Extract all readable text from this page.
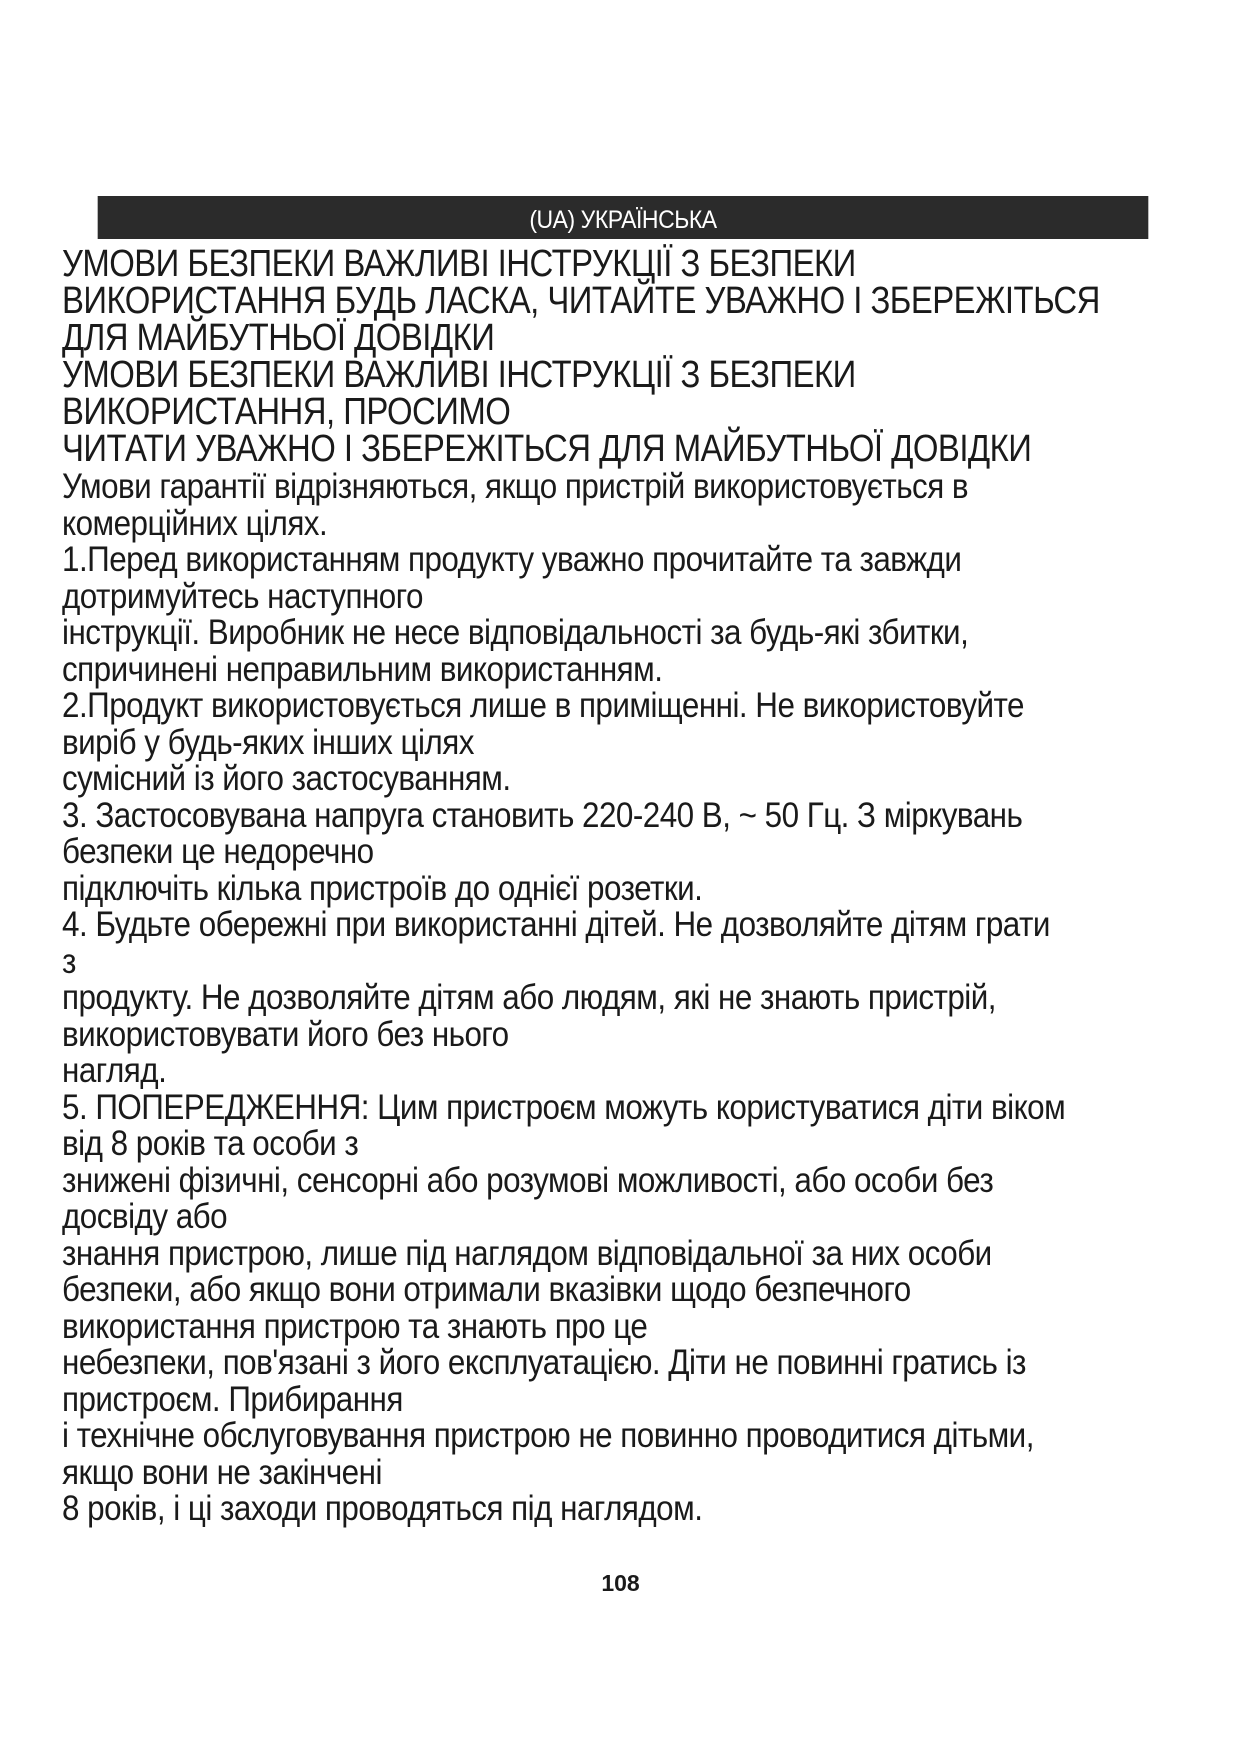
(UA) УКРАЇНСЬКА
УМОВИ БЕЗПЕКИ ВАЖЛИВІ ІНСТРУКЦІЇ З БЕЗПЕКИ
ВИКОРИСТАННЯ БУДЬ ЛАСКА, ЧИТАЙТЕ УВАЖНО І ЗБЕРЕЖІТЬСЯ
ДЛЯ МАЙБУТНЬОЇ ДОВІДКИ
УМОВИ БЕЗПЕКИ ВАЖЛИВІ ІНСТРУКЦІЇ З БЕЗПЕКИ
ВИКОРИСТАННЯ, ПРОСИМО
ЧИТАТИ УВАЖНО І ЗБЕРЕЖІТЬСЯ ДЛЯ МАЙБУТНЬОЇ ДОВІДКИ
Умови гарантії відрізняються, якщо пристрій використовується в
комерційних цілях.
1.Перед використанням продукту уважно прочитайте та завжди
дотримуйтесь наступного
інструкції. Виробник не несе відповідальності за будь-які збитки,
спричинені неправильним використанням.
2.Продукт використовується лише в приміщенні. Не використовуйте
виріб у будь-яких інших цілях
сумісний із його застосуванням.
3. Застосовувана напруга становить 220-240 В, ~ 50 Гц. З міркувань
безпеки це недоречно
підключіть кілька пристроїв до однієї розетки.
4. Будьте обережні при використанні дітей. Не дозволяйте дітям грати
з
продукту. Не дозволяйте дітям або людям, які не знають пристрій,
використовувати його без нього
нагляд.
5. ПОПЕРЕДЖЕННЯ: Цим пристроєм можуть користуватися діти віком
від 8 років та особи з
знижені фізичні, сенсорні або розумові можливості, або особи без
досвіду або
знання пристрою, лише під наглядом відповідальної за них особи
безпеки, або якщо вони отримали вказівки щодо безпечного
використання пристрою та знають про це
небезпеки, пов'язані з його експлуатацією. Діти не повинні гратись із
пристроєм. Прибирання
і технічне обслуговування пристрою не повинно проводитися дітьми,
якщо вони не закінчені
8 років, і ці заходи проводяться під наглядом.
108
